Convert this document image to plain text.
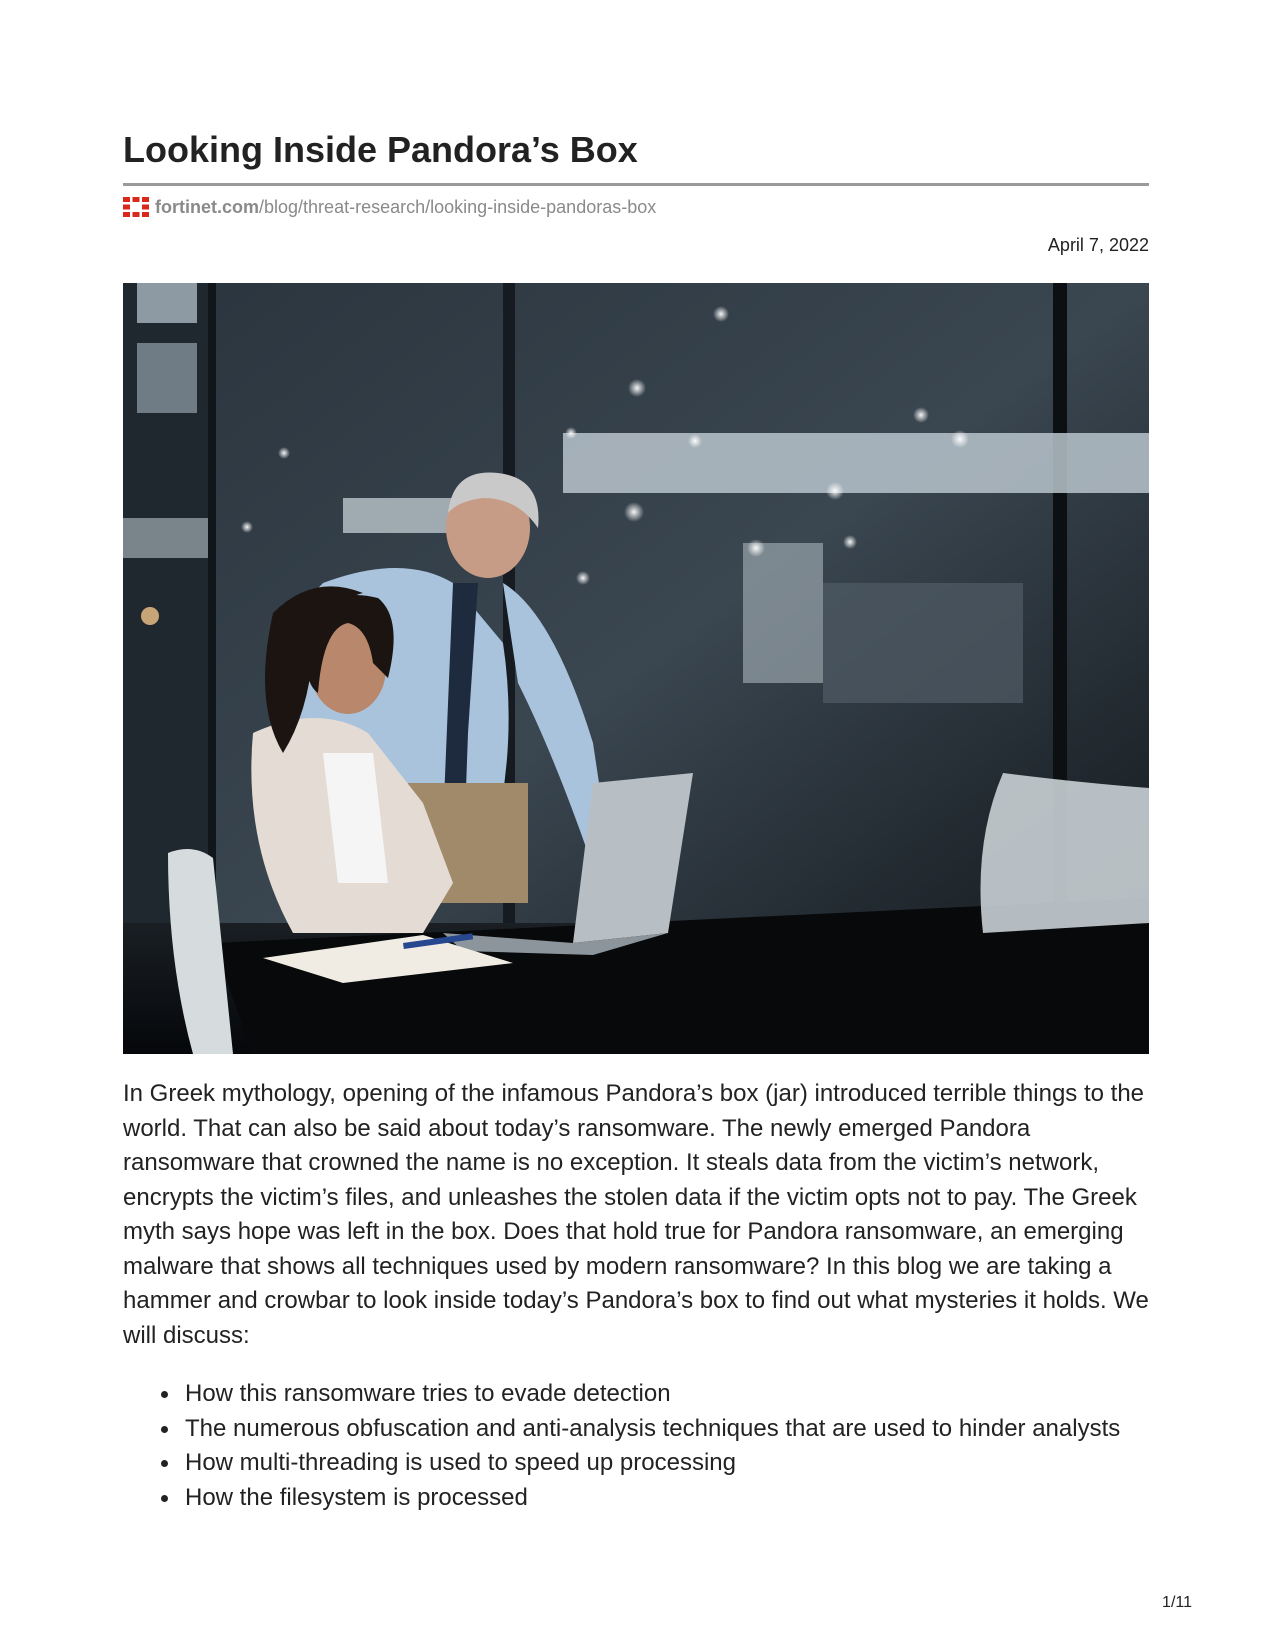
Looking Inside Pandora’s Box
fortinet.com /blog/threat-research/looking-inside-pandoras-box
April 7, 2022

In Greek mythology, opening of the infamous Pandora’s box (jar) introduced terrible things to the world. That can also be said about today’s ransomware. The newly emerged Pandora ransomware that crowned the name is no exception. It steals data from the victim’s network, encrypts the victim’s files, and unleashes the stolen data if the victim opts not to pay. The Greek myth says hope was left in the box. Does that hold true for Pandora ransomware, an emerging malware that shows all techniques used by modern ransomware? In this blog we are taking a hammer and crowbar to look inside today’s Pandora’s box to find out what mysteries it holds. We will discuss:

How this ransomware tries to evade detection
The numerous obfuscation and anti-analysis techniques that are used to hinder analysts
How multi-threading is used to speed up processing
How the filesystem is processed
1/11
